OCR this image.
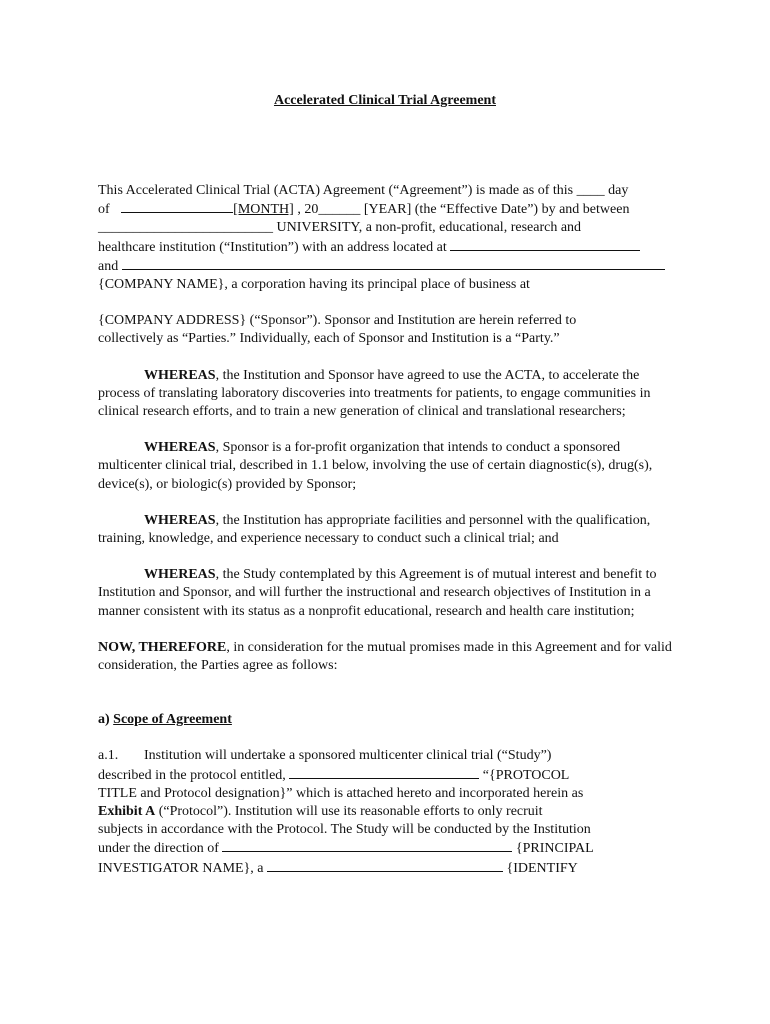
Accelerated Clinical Trial Agreement

This Accelerated Clinical Trial (ACTA) Agreement (“Agreement”) is made as of this ____ day

of	[MONTH] , 20______ [YEAR] (the “Effective Date”) by and between

_________________________ UNIVERSITY, a non-profit, educational, research and

healthcare institution (“Institution”) with an address located at

and

{COMPANY NAME}, a corporation having its principal place of business at

{COMPANY ADDRESS} (“Sponsor”). Sponsor and Institution are herein referred to

collectively as “Parties.” Individually, each of Sponsor and Institution is a “Party.”

WHEREAS, the Institution and Sponsor have agreed to use the ACTA, to accelerate the process of translating laboratory discoveries into treatments for patients, to engage communities in clinical research efforts, and to train a new generation of clinical and translational researchers;

WHEREAS, Sponsor is a for-profit organization that intends to conduct a sponsored multicenter clinical trial, described in 1.1 below, involving the use of certain diagnostic(s), drug(s), device(s), or biologic(s) provided by Sponsor;

WHEREAS, the Institution has appropriate facilities and personnel with the qualification, training, knowledge, and experience necessary to conduct such a clinical trial; and

WHEREAS, the Study contemplated by this Agreement is of mutual interest and benefit to Institution and Sponsor, and will further the instructional and research objectives of Institution in a manner consistent with its status as a nonprofit educational, research and health care institution;

NOW, THEREFORE, in consideration for the mutual promises made in this Agreement and for valid consideration, the Parties agree as follows:

a) Scope of Agreement

a.1. Institution will undertake a sponsored multicenter clinical trial (“Study”)

described in the protocol entitled,	“{PROTOCOL

TITLE and Protocol designation}” which is attached hereto and incorporated herein as

Exhibit A (“Protocol”). Institution will use its reasonable efforts to only recruit

subjects in accordance with the Protocol. The Study will be conducted by the Institution

under the direction of	{PRINCIPAL

INVESTIGATOR NAME}, a	{IDENTIFY
